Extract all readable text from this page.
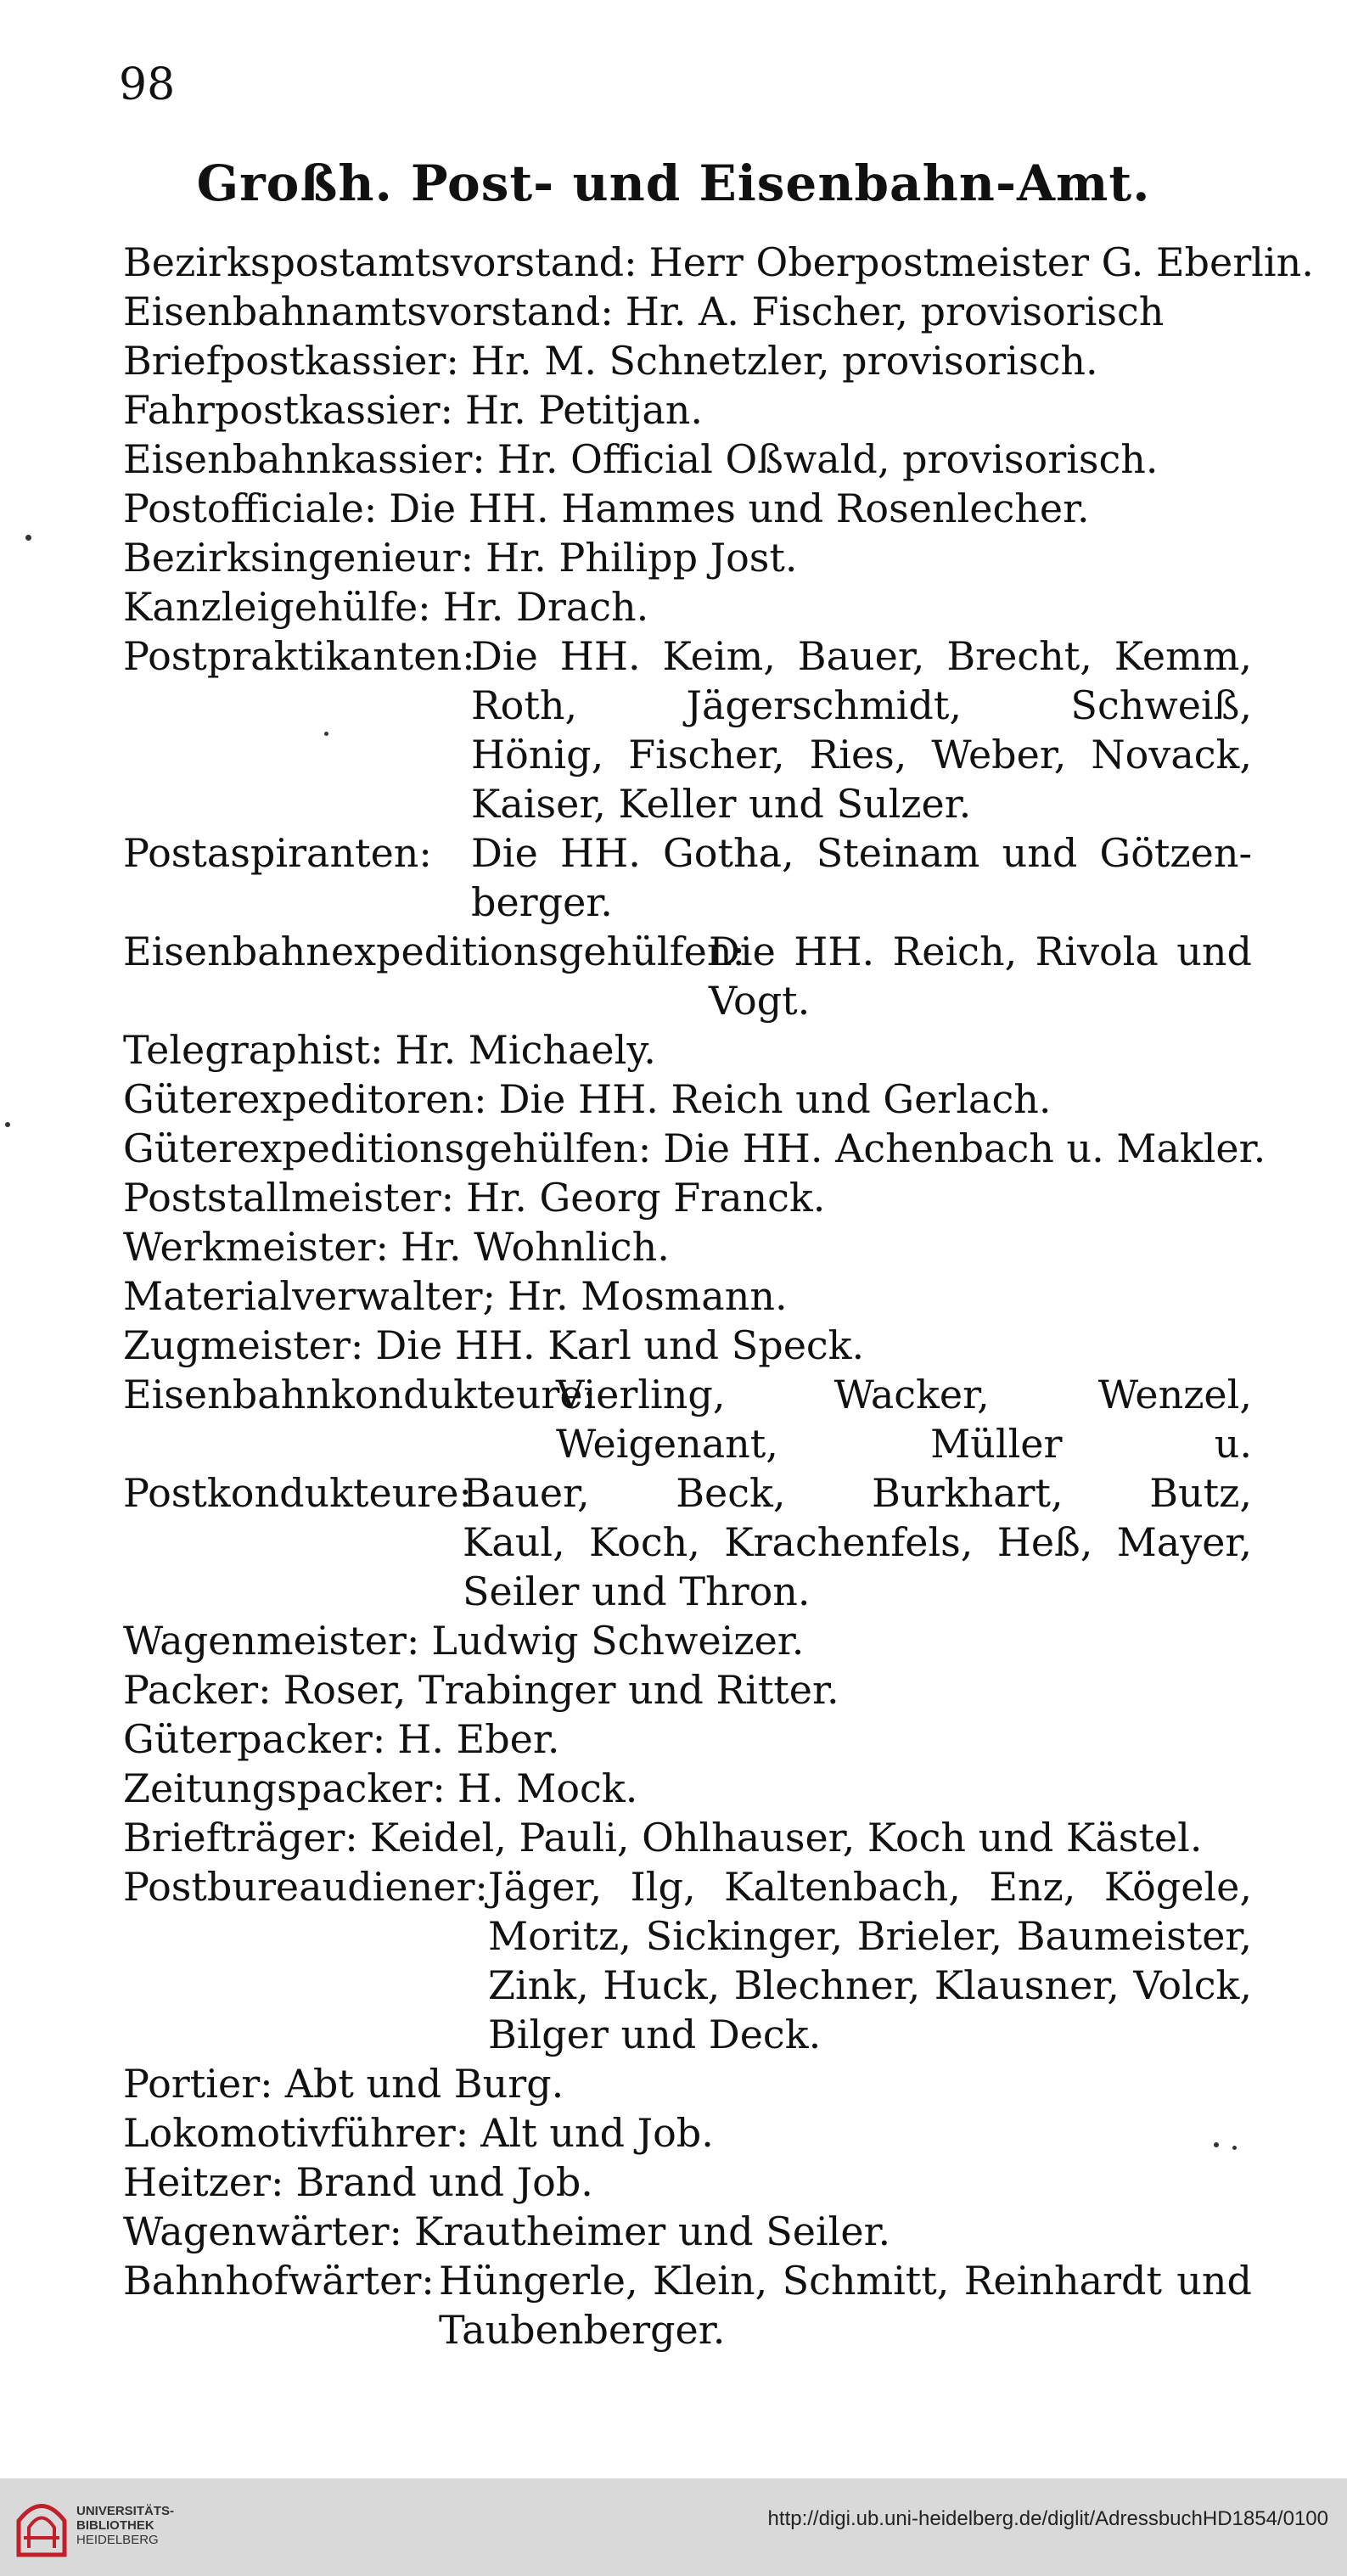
98
Großh. Post- und Eisenbahn-Amt.
Bezirkspostamtsvorstand: Herr Oberpostmeister G. Eberlin.
Eisenbahnamtsvorstand: Hr. A. Fischer, provisorisch
Briefpostkassier: Hr. M. Schnetzler, provisorisch.
Fahrpostkassier: Hr. Petitjan.
Eisenbahnkassier: Hr. Official Oßwald, provisorisch.
Postofficiale: Die HH. Hammes und Rosenlecher.
Bezirksingenieur: Hr. Philipp Jost.
Kanzleigehülfe: Hr. Drach.
Postpraktikanten:
Die HH. Keim, Bauer, Brecht, Kemm,
Roth, Jägerschmidt, Schweiß,
Hönig, Fischer, Ries, Weber, Novack,
Kaiser, Keller und Sulzer.
Postaspiranten:	Die HH. Gotha, Steinam und Götzen-
berger.
Eisenbahnexpeditionsgehülfen:
Die HH. Reich, Rivola und
Vogt.
Telegraphist: Hr. Michaely.
Güterexpeditoren: Die HH. Reich und Gerlach.
Güterexpeditionsgehülfen: Die HH. Achenbach u. Makler.
Poststallmeister: Hr. Georg Franck.
Werkmeister: Hr. Wohnlich.
Materialverwalter; Hr. Mosmann.
Zugmeister: Die HH. Karl und Speck.
Eisenbahnkondukteure:
Vierling, Wacker, Wenzel,
Weigenant, Müller u.
Postkondukteure:
Bauer, Beck, Burkhart, Butz,
Kaul, Koch, Krachenfels, Heß, Mayer,
Seiler und Thron.
Wagenmeister: Ludwig Schweizer.
Packer: Roser, Trabinger und Ritter.
Güterpacker: H. Eber.
Zeitungspacker: H. Mock.
Briefträger: Keidel, Pauli, Ohlhauser, Koch und Kästel.
Postbureaudiener: Jäger, Ilg, Kaltenbach, Enz, Kögele,
Moritz, Sickinger, Brieler, Baumeister,
Zink, Huck, Blechner, Klausner, Volck,
Bilger und Deck.
Portier: Abt und Burg.
Lokomotivführer: Alt und Job.
Heitzer: Brand und Job.
Wagenwärter: Krautheimer und Seiler.
Bahnhofwärter: Hüngerle, Klein, Schmitt, Reinhardt und
Taubenberger.
UNIVERSITÄTS-
BIBLIOTHEK
HEIDELBERG
http://digi.ub.uni-heidelberg.de/diglit/AdressbuchHD1854/0100
